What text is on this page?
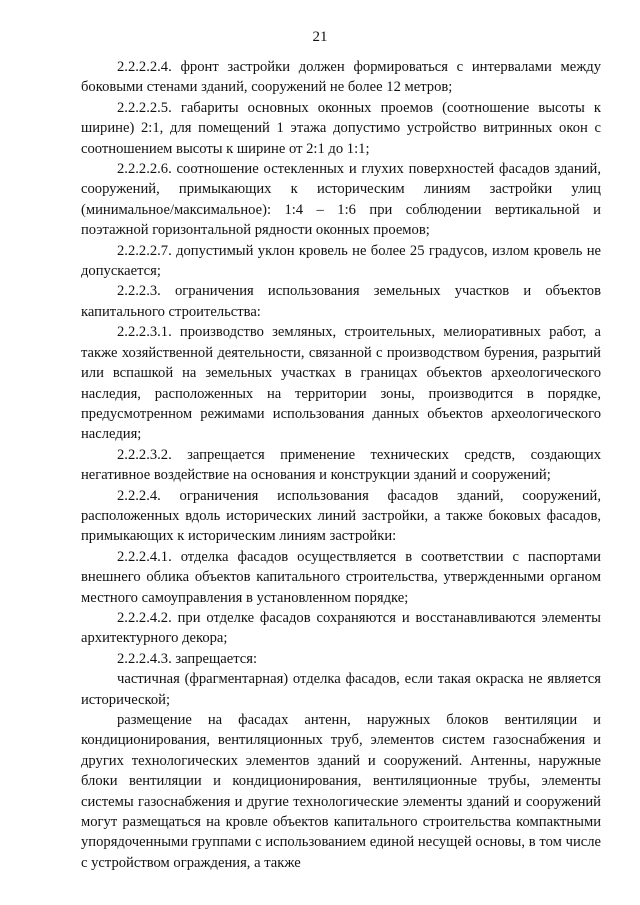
21

2.2.2.2.4. фронт застройки должен формироваться с интервалами между боковыми стенами зданий, сооружений не более 12 метров;

2.2.2.2.5. габариты основных оконных проемов (соотношение высоты к ширине) 2:1, для помещений 1 этажа допустимо устройство витринных окон с соотношением высоты к ширине от 2:1 до 1:1;

2.2.2.2.6. соотношение остекленных и глухих поверхностей фасадов зданий, сооружений, примыкающих к историческим линиям застройки улиц (минимальное/максимальное): 1:4 – 1:6 при соблюдении вертикальной и поэтажной горизонтальной рядности оконных проемов;

2.2.2.2.7. допустимый уклон кровель не более 25 градусов, излом кровель не допускается;

2.2.2.3. ограничения использования земельных участков и объектов капитального строительства:

2.2.2.3.1. производство земляных, строительных, мелиоративных работ, а также хозяйственной деятельности, связанной с производством бурения, разрытий или вспашкой на земельных участках в границах объектов археологического наследия, расположенных на территории зоны, производится в порядке, предусмотренном режимами использования данных объектов археологического наследия;

2.2.2.3.2. запрещается применение технических средств, создающих негативное воздействие на основания и конструкции зданий и сооружений;

2.2.2.4. ограничения использования фасадов зданий, сооружений, расположенных вдоль исторических линий застройки, а также боковых фасадов, примыкающих к историческим линиям застройки:

2.2.2.4.1. отделка фасадов осуществляется в соответствии с паспортами внешнего облика объектов капитального строительства, утвержденными органом местного самоуправления в установленном порядке;

2.2.2.4.2. при отделке фасадов сохраняются и восстанавливаются элементы архитектурного декора;

2.2.2.4.3. запрещается:

частичная (фрагментарная) отделка фасадов, если такая окраска не является исторической;

размещение на фасадах антенн, наружных блоков вентиляции и кондиционирования, вентиляционных труб, элементов систем газоснабжения и других технологических элементов зданий и сооружений. Антенны, наружные блоки вентиляции и кондиционирования, вентиляционные трубы, элементы системы газоснабжения и другие технологические элементы зданий и сооружений могут размещаться на кровле объектов капитального строительства компактными упорядоченными группами с использованием единой несущей основы, в том числе с устройством ограждения, а также
